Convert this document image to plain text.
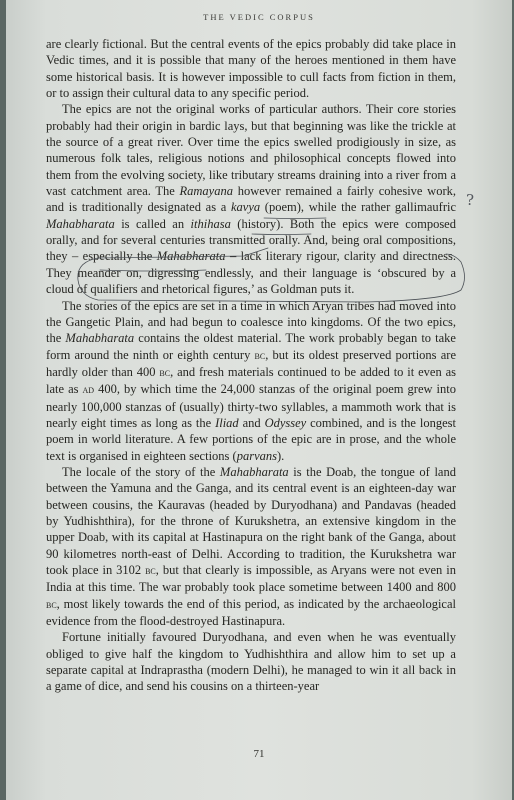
THE VEDIC CORPUS

are clearly fictional. But the central events of the epics probably did take place in Vedic times, and it is possible that many of the heroes mentioned in them have some historical basis. It is however impossible to cull facts from fiction in them, or to assign their cultural data to any specific period.

The epics are not the original works of particular authors. Their core stories probably had their origin in bardic lays, but that beginning was like the trickle at the source of a great river. Over time the epics swelled prodigiously in size, as numerous folk tales, religious notions and philosophical concepts flowed into them from the evolving society, like tributary streams draining into a river from a vast catchment area. The Ramayana however remained a fairly cohesive work, and is traditionally designated as a kavya (poem), while the rather gallimaufric Mahabharata is called an ithihasa (history). Both the epics were composed orally, and for several centuries transmitted orally. And, being oral compositions, they – especially the Mahabharata – lack literary rigour, clarity and directness. They meander on, digressing endlessly, and their language is ‘obscured by a cloud of qualifiers and rhetorical figures,’ as Goldman puts it.

The stories of the epics are set in a time in which Aryan tribes had moved into the Gangetic Plain, and had begun to coalesce into kingdoms. Of the two epics, the Mahabharata contains the oldest material. The work probably began to take form around the ninth or eighth century bc, but its oldest preserved portions are hardly older than 400 bc, and fresh materials continued to be added to it even as late as ad 400, by which time the 24,000 stanzas of the original poem grew into nearly 100,000 stanzas of (usually) thirty-two syllables, a mammoth work that is nearly eight times as long as the Iliad and Odyssey combined, and is the longest poem in world literature. A few portions of the epic are in prose, and the whole text is organised in eighteen sections (parvans).

The locale of the story of the Mahabharata is the Doab, the tongue of land between the Yamuna and the Ganga, and its central event is an eighteen-day war between cousins, the Kauravas (headed by Duryodhana) and Pandavas (headed by Yudhishthira), for the throne of Kurukshetra, an extensive kingdom in the upper Doab, with its capital at Hastinapura on the right bank of the Ganga, about 90 kilometres north-east of Delhi. According to tradition, the Kurukshetra war took place in 3102 bc, but that clearly is impossible, as Aryans were not even in India at this time. The war probably took place sometime between 1400 and 800 bc, most likely towards the end of this period, as indicated by the archaeological evidence from the flood-destroyed Hastinapura.

Fortune initially favoured Duryodhana, and even when he was eventually obliged to give half the kingdom to Yudhishthira and allow him to set up a separate capital at Indraprastha (modern Delhi), he managed to win it all back in a game of dice, and send his cousins on a thirteen-year

?
71
